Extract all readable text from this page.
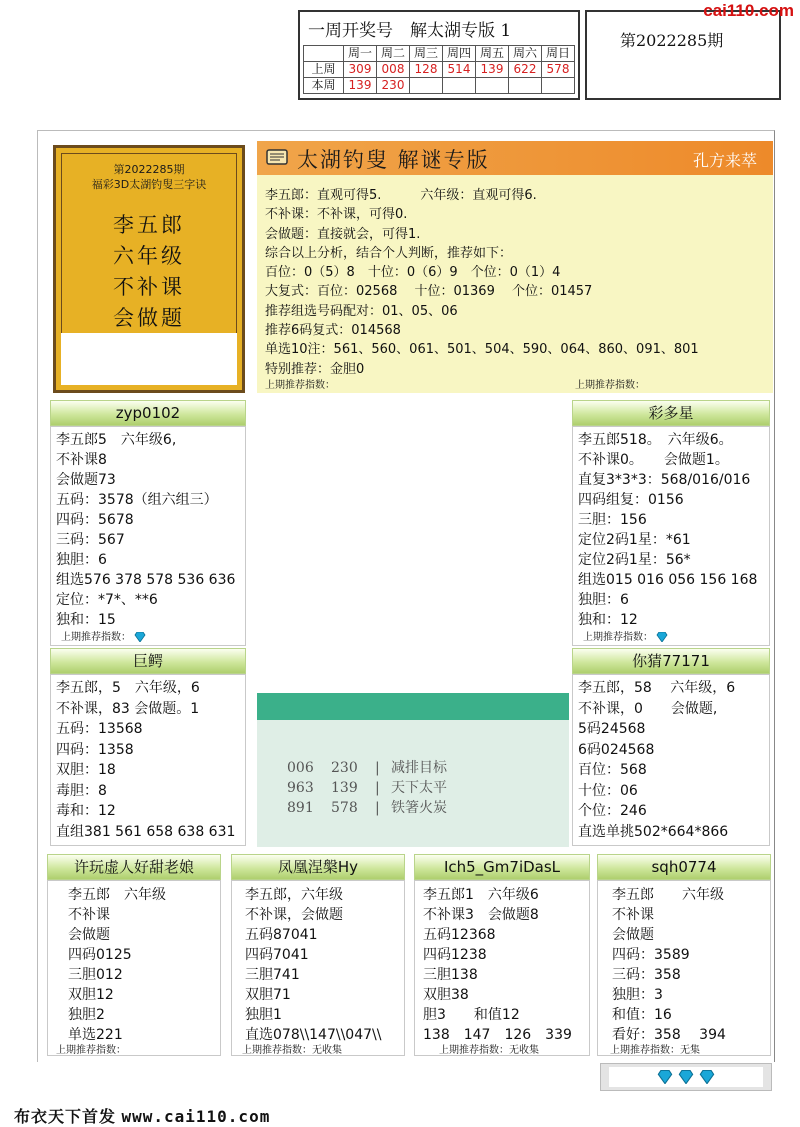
一周开奖号　解太湖专版 1
	周一	周二	周三	周四	周五	周六	周日
上周	309	008	128	514	139	622	578
本周	139	230					
第2022285期
cai110.com
第2022285期
福彩3D太湖钓叟三字诀
李五郎
六年级
不补课
会做题
太湖钓叟 解谜专版	孔方来萃
李五郎：直观可得5.　　　六年级：直观可得6.
不补课：不补课，可得0.
会做题：直接就会，可得1.
综合以上分析，结合个人判断，推荐如下：
百位：0（5）8　十位：0（6）9　个位：0（1）4
大复式：百位：02568　 十位：01369　 个位：01457
推荐组选号码配对：01、05、06
推荐6码复式：014568
单选10注：561、560、061、501、504、590、064、860、091、801
特别推荐：金胆0
上期推荐指数：	上期推荐指数：
zyp0102
李五郎5　六年级6,
不补课8
会做题73
五码：3578（组六组三）
四码：5678
三码：567
独胆：6
组选576 378 578 536 636
定位：*7*、**6
独和：15
上期推荐指数：
彩多星
李五郎518。　六年级6。
不补课0。　　会做题1。
直复3*3*3：568/016/016
四码组复：0156
三胆：156
定位2码1星：*61
定位2码1星：56*
组选015 016 056 156 168
独胆：6
独和：12
上期推荐指数：
巨鳄
李五郎，5　六年级，6
不补课，83 会做题。1
五码：13568
四码：1358
双胆：18
毒胆：8
毒和：12
直组381 561 658 638 631
你猜77171
李五郎，58　 六年级，6
不补课，0　　会做题,
5码24568
6码024568
百位：568
十位：06
个位：246
直选单挑502*664*866
006 230 | 减排目标
963 139 | 天下太平
891 578 | 铁箸火炭
许玩虚人好甜老娘
李五郎　六年级
不补课
会做题
四码0125
三胆012
双胆12
独胆2
单选221
上期推荐指数：
凤凰涅槃Hy
李五郎，六年级
不补课，会做题
五码87041
四码7041
三胆741
双胆71
独胆1
直选078\\147\\047\\
上期推荐指数：无收集
Ich5_Gm7iDasL
李五郎1　六年级6
不补课3　会做题8
五码12368
四码1238
三胆138
双胆38
胆3　　和值12
138　147　126　339
上期推荐指数：无收集
sqh0774
李五郎　　六年级
不补课
会做题
四码：3589
三码：358
独胆：3
和值：16
看好：358　 394
上期推荐指数：无集

布衣天下首发 www.cai110.com
